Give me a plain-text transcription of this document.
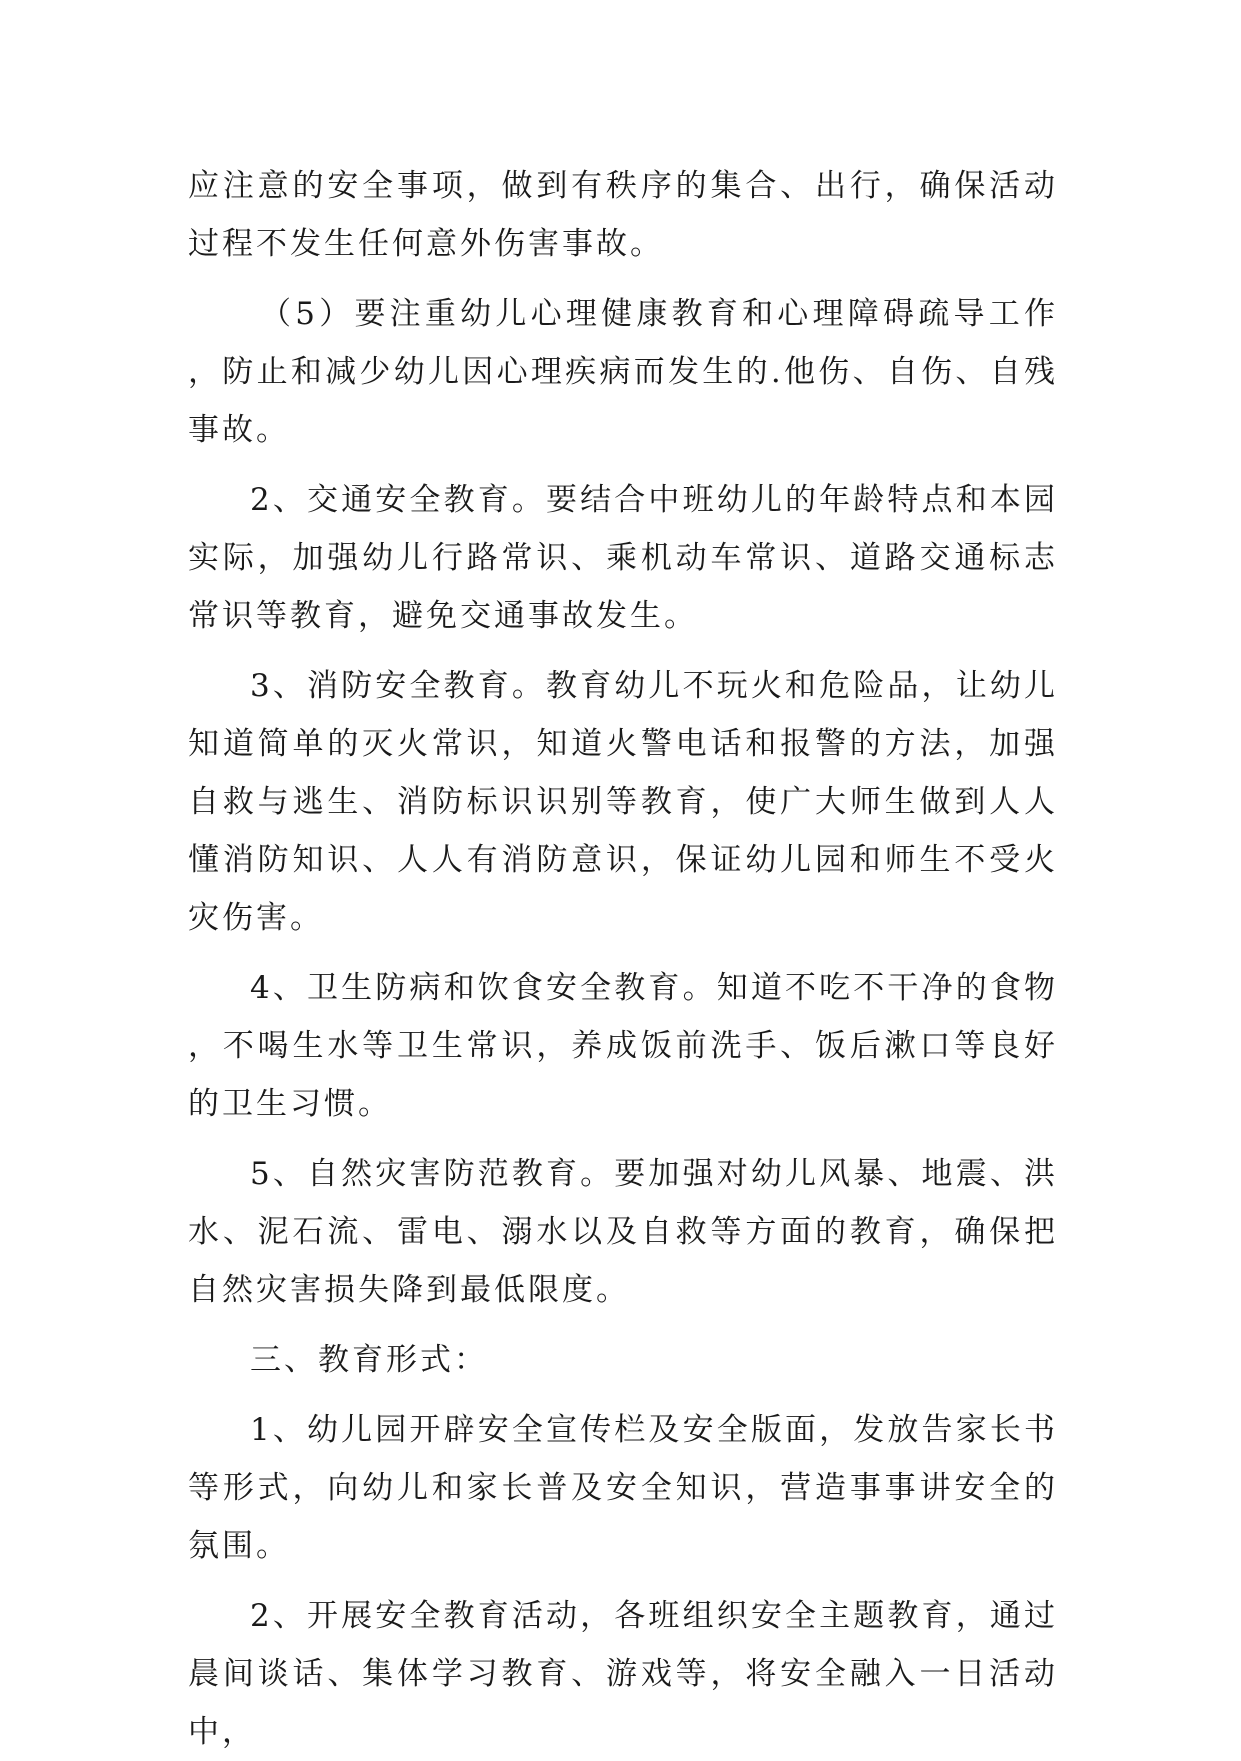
应注意的安全事项，做到有秩序的集合、出行，确保活动过程不发生任何意外伤害事故。

（5）要注重幼儿心理健康教育和心理障碍疏导工作，防止和减少幼儿因心理疾病而发生的.他伤、自伤、自残事故。

2、交通安全教育。要结合中班幼儿的年龄特点和本园实际，加强幼儿行路常识、乘机动车常识、道路交通标志常识等教育，避免交通事故发生。

3、消防安全教育。教育幼儿不玩火和危险品，让幼儿知道简单的灭火常识，知道火警电话和报警的方法，加强自救与逃生、消防标识识别等教育，使广大师生做到人人懂消防知识、人人有消防意识，保证幼儿园和师生不受火灾伤害。

4、卫生防病和饮食安全教育。知道不吃不干净的食物，不喝生水等卫生常识，养成饭前洗手、饭后漱口等良好的卫生习惯。

5、自然灾害防范教育。要加强对幼儿风暴、地震、洪水、泥石流、雷电、溺水以及自救等方面的教育，确保把自然灾害损失降到最低限度。

三、教育形式：

1、幼儿园开辟安全宣传栏及安全版面，发放告家长书等形式，向幼儿和家长普及安全知识，营造事事讲安全的氛围。

2、开展安全教育活动，各班组织安全主题教育，通过晨间谈话、集体学习教育、游戏等，将安全融入一日活动中，
